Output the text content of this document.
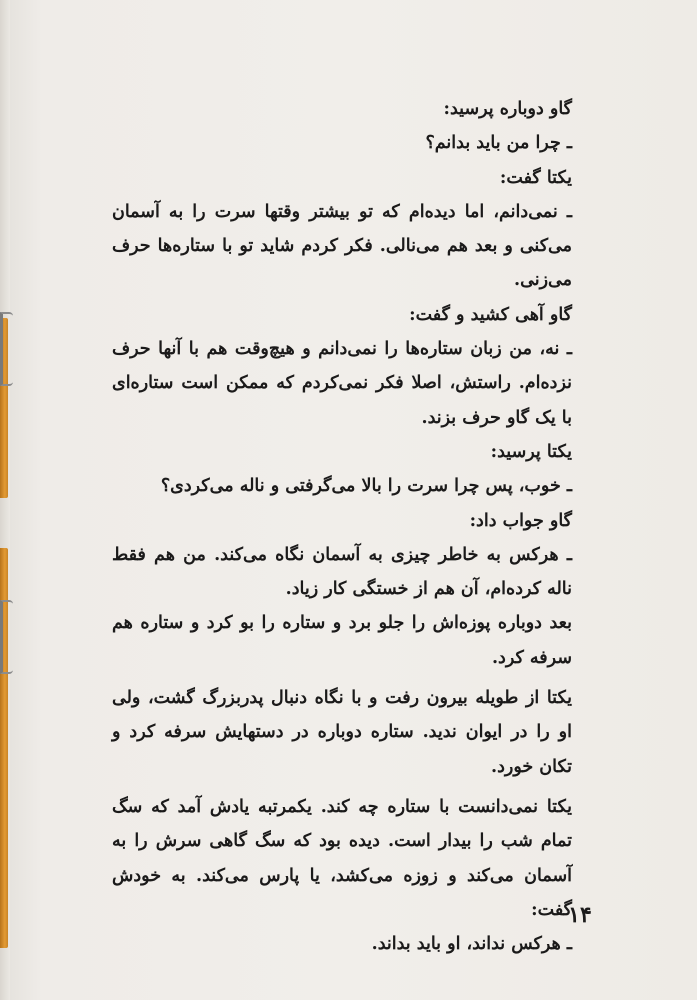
گاو دوباره پرسید:

ـ چرا من باید بدانم؟

یکتا گفت:

ـ نمی‌دانم، اما دیده‌ام که تو بیشتر وقتها سرت را به آسمان می‌کنی و بعد هم می‌نالی. فکر کردم شاید تو با ستاره‌ها حرف می‌زنی.

گاو آهی کشید و گفت:

ـ نه، من زبان ستاره‌ها را نمی‌دانم و هیچ‌وقت هم با آنها حرف نزده‌ام. راستش، اصلا فکر نمی‌کردم که ممکن است ستاره‌ای با یک گاو حرف بزند.

یکتا پرسید:

ـ خوب، پس چرا سرت را بالا می‌گرفتی و ناله می‌کردی؟

گاو جواب داد:

ـ هرکس به خاطر چیزی به آسمان نگاه می‌کند. من هم فقط ناله کرده‌ام، آن هم از خستگی کار زیاد.

بعد دوباره پوزه‌اش را جلو برد و ستاره را بو کرد و ستاره هم سرفه کرد.

یکتا از طویله بیرون رفت و با نگاه دنبال پدربزرگ گشت، ولی او را در ایوان ندید. ستاره دوباره در دستهایش سرفه کرد و تکان خورد.

یکتا نمی‌دانست با ستاره چه کند. یکمرتبه یادش آمد که سگ تمام شب را بیدار است. دیده بود که سگ گاهی سرش را به آسمان می‌کند و زوزه می‌کشد، یا پارس می‌کند. به خودش گفت:

ـ هرکس نداند، او باید بداند.

۱۴
